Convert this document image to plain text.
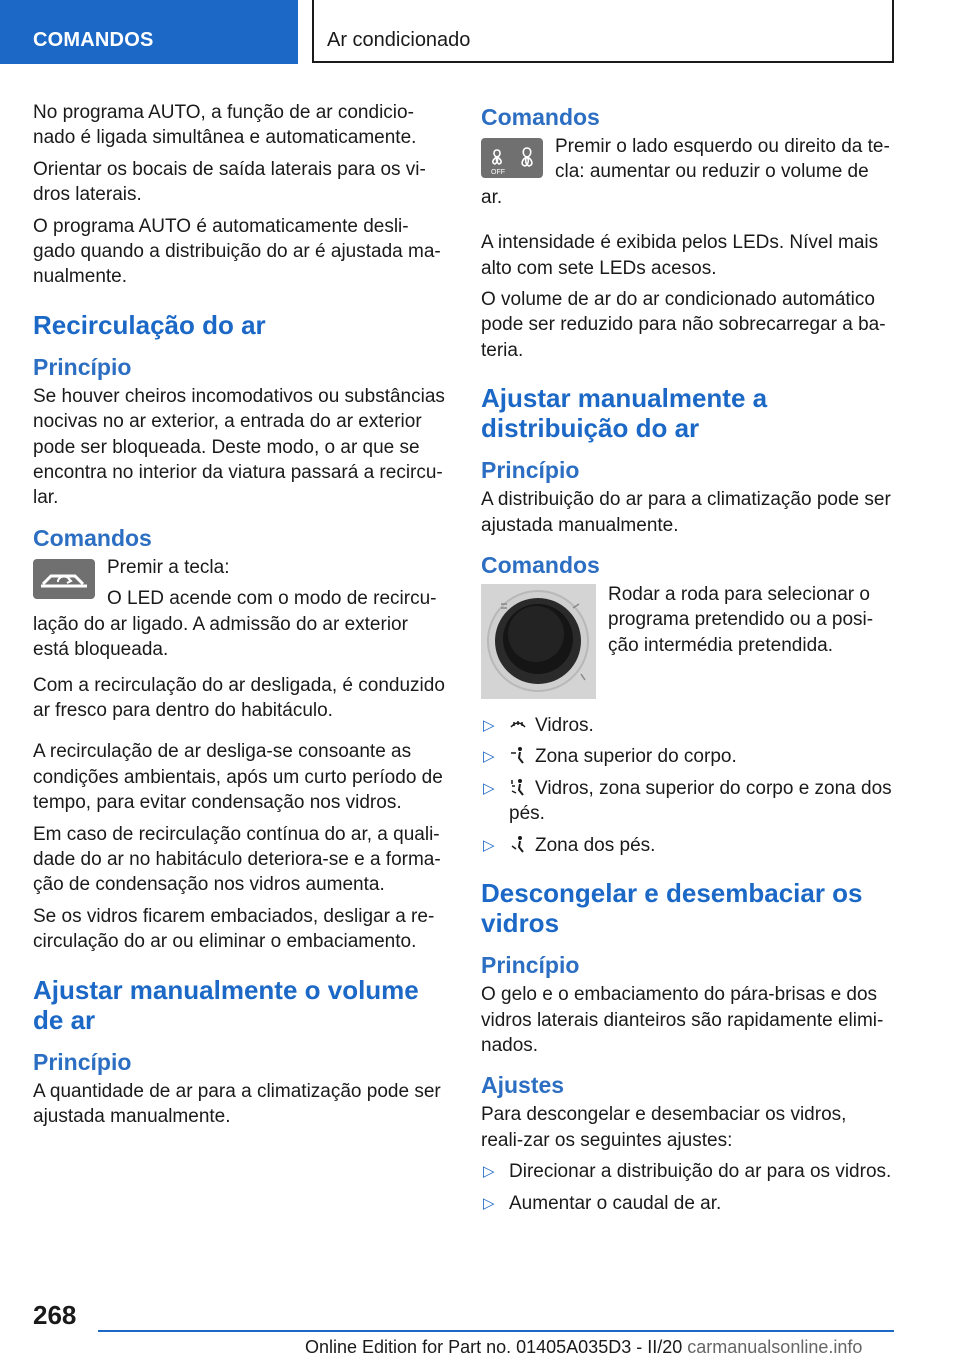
COMANDOS	Ar condicionado

No programa AUTO, a função de ar condicio-nado é ligada simultânea e automaticamente.

Orientar os bocais de saída laterais para os vi-dros laterais.

O programa AUTO é automaticamente desli-gado quando a distribuição do ar é ajustada ma-nualmente.

Recirculação do ar
Princípio

Se houver cheiros incomodativos ou substâncias nocivas no ar exterior, a entrada do ar exterior pode ser bloqueada. Deste modo, o ar que se encontra no interior da viatura passará a recircu-lar.

Comandos

Premir a tecla:

O LED acende com o modo de recircu-lação do ar ligado. A admissão do ar exterior está bloqueada.

Com a recirculação do ar desligada, é conduzido ar fresco para dentro do habitáculo.

A recirculação de ar desliga-se consoante as condições ambientais, após um curto período de tempo, para evitar condensação nos vidros.

Em caso de recirculação contínua do ar, a quali-dade do ar no habitáculo deteriora-se e a forma-ção de condensação nos vidros aumenta.

Se os vidros ficarem embaciados, desligar a re-circulação do ar ou eliminar o embaciamento.

Ajustar manualmente o volume de ar
Princípio

A quantidade de ar para a climatização pode ser ajustada manualmente.

Comandos
OFF

Premir o lado esquerdo ou direito da te-cla: aumentar ou reduzir o volume de ar.

A intensidade é exibida pelos LEDs. Nível mais alto com sete LEDs acesos.

O volume de ar do ar condicionado automático pode ser reduzido para não sobrecarregar a ba-teria.

Ajustar manualmente a distribuição do ar
Princípio

A distribuição do ar para a climatização pode ser ajustada manualmente.

Comandos

Rodar a roda para selecionar o programa pretendido ou a posi-ção intermédia pretendida.

▷ Vidros.
▷ Zona superior do corpo.
▷ Vidros, zona superior do corpo e zona dos pés.
▷ Zona dos pés.
Descongelar e desembaciar os vidros
Princípio

O gelo e o embaciamento do pára-brisas e dos vidros laterais dianteiros são rapidamente elimi-nados.

Ajustes

Para descongelar e desembaciar os vidros, reali-zar os seguintes ajustes:

▷ Direcionar a distribuição do ar para os vidros.
▷ Aumentar o caudal de ar.
268
Online Edition for Part no. 01405A035D3 - II/20 carmanualsonline.info
